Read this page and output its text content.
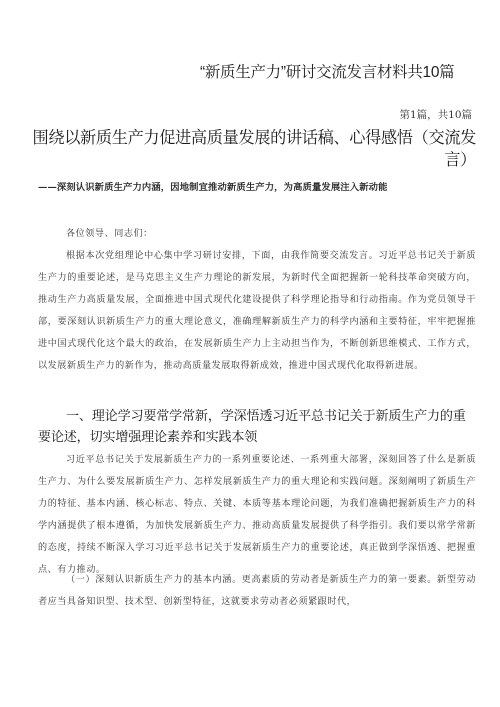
“新质生产力”研讨交流发言材料共10篇
第1篇，共10篇
围绕以新质生产力促进高质量发展的讲话稿、心得感悟（交流发言）
——深刻认识新质生产力内涵，因地制宜推动新质生产力，为高质量发展注入新动能
各位领导、同志们：
根据本次党组理论中心集中学习研讨安排，下面，由我作简要交流发言。习近平总书记关于新质生产力的重要论述，是马克思主义生产力理论的新发展，为新时代全面把握新一轮科技革命突破方向，推动生产力高质量发展，全面推进中国式现代化建设提供了科学理论指导和行动指南。作为党员领导干部，要深刻认识新质生产力的重大理论意义，准确理解新质生产力的科学内涵和主要特征，牢牢把握推进中国式现代化这个最大的政治，在发展新质生产力上主动担当作为，不断创新思维模式、工作方式，以发展新质生产力的新作为，推动高质量发展取得新成效，推进中国式现代化取得新进展。
一、理论学习要常学常新，学深悟透习近平总书记关于新质生产力的重要论述，切实增强理论素养和实践本领
习近平总书记关于发展新质生产力的一系列重要论述、一系列重大部署，深刻回答了什么是新质生产力、为什么要发展新质生产力、怎样发展新质生产力的重大理论和实践问题。深刻阐明了新质生产力的特征、基本内涵、核心标志、特点、关键、本质等基本理论问题，为我们准确把握新质生产力的科学内涵提供了根本遵循，为加快发展新质生产力、推动高质量发展提供了科学指引。我们要以常学常新的态度，持续不断深入学习习近平总书记关于发展新质生产力的重要论述，真正做到学深悟透、把握重点、有力推动。
（一）深刻认识新质生产力的基本内涵。更高素质的劳动者是新质生产力的第一要素。新型劳动者应当具备知识型、技术型、创新型特征，这就要求劳动者必须紧跟时代，
